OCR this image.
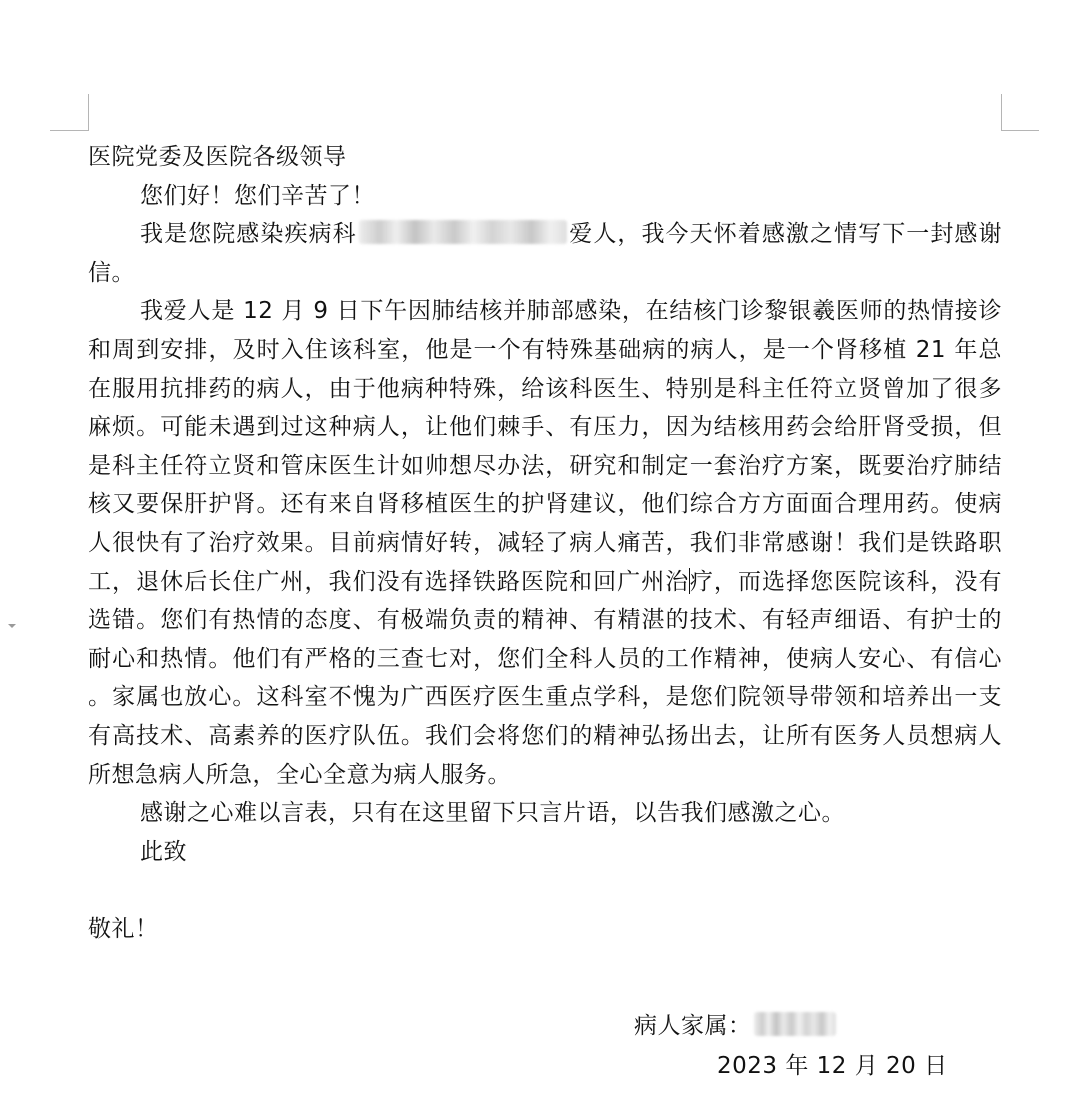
医院党委及医院各级领导

您们好！您们辛苦了！

我是您院感染疾病科	爱人，我今天怀着感激之情写下一封感谢信。

我爱人是 12 月 9 日下午因肺结核并肺部感染，在结核门诊黎银羲医师的热情接诊和周到安排，及时入住该科室，他是一个有特殊基础病的病人，是一个肾移植 21 年总在服用抗排药的病人，由于他病种特殊，给该科医生、特别是科主任符立贤曾加了很多麻烦。可能未遇到过这种病人，让他们棘手、有压力，因为结核用药会给肝肾受损，但是科主任符立贤和管床医生计如帅想尽办法，研究和制定一套治疗方案，既要治疗肺结核又要保肝护肾。还有来自肾移植医生的护肾建议，他们综合方方面面合理用药。使病人很快有了治疗效果。目前病情好转，减轻了病人痛苦，我们非常感谢！我们是铁路职工，退休后长住广州，我们没有选择铁路医院和回广州治疗，而选择您医院该科，没有选错。您们有热情的态度、有极端负责的精神、有精湛的技术、有轻声细语、有护士的耐心和热情。他们有严格的三查七对，您们全科人员的工作精神，使病人安心、有信心。家属也放心。这科室不愧为广西医疗医生重点学科，是您们院领导带领和培养出一支有高技术、高素养的医疗队伍。我们会将您们的精神弘扬出去，让所有医务人员想病人所想急病人所急，全心全意为病人服务。

感谢之心难以言表，只有在这里留下只言片语，以告我们感激之心。

此致

敬礼！

病人家属：
2023 年 12 月 20 日
